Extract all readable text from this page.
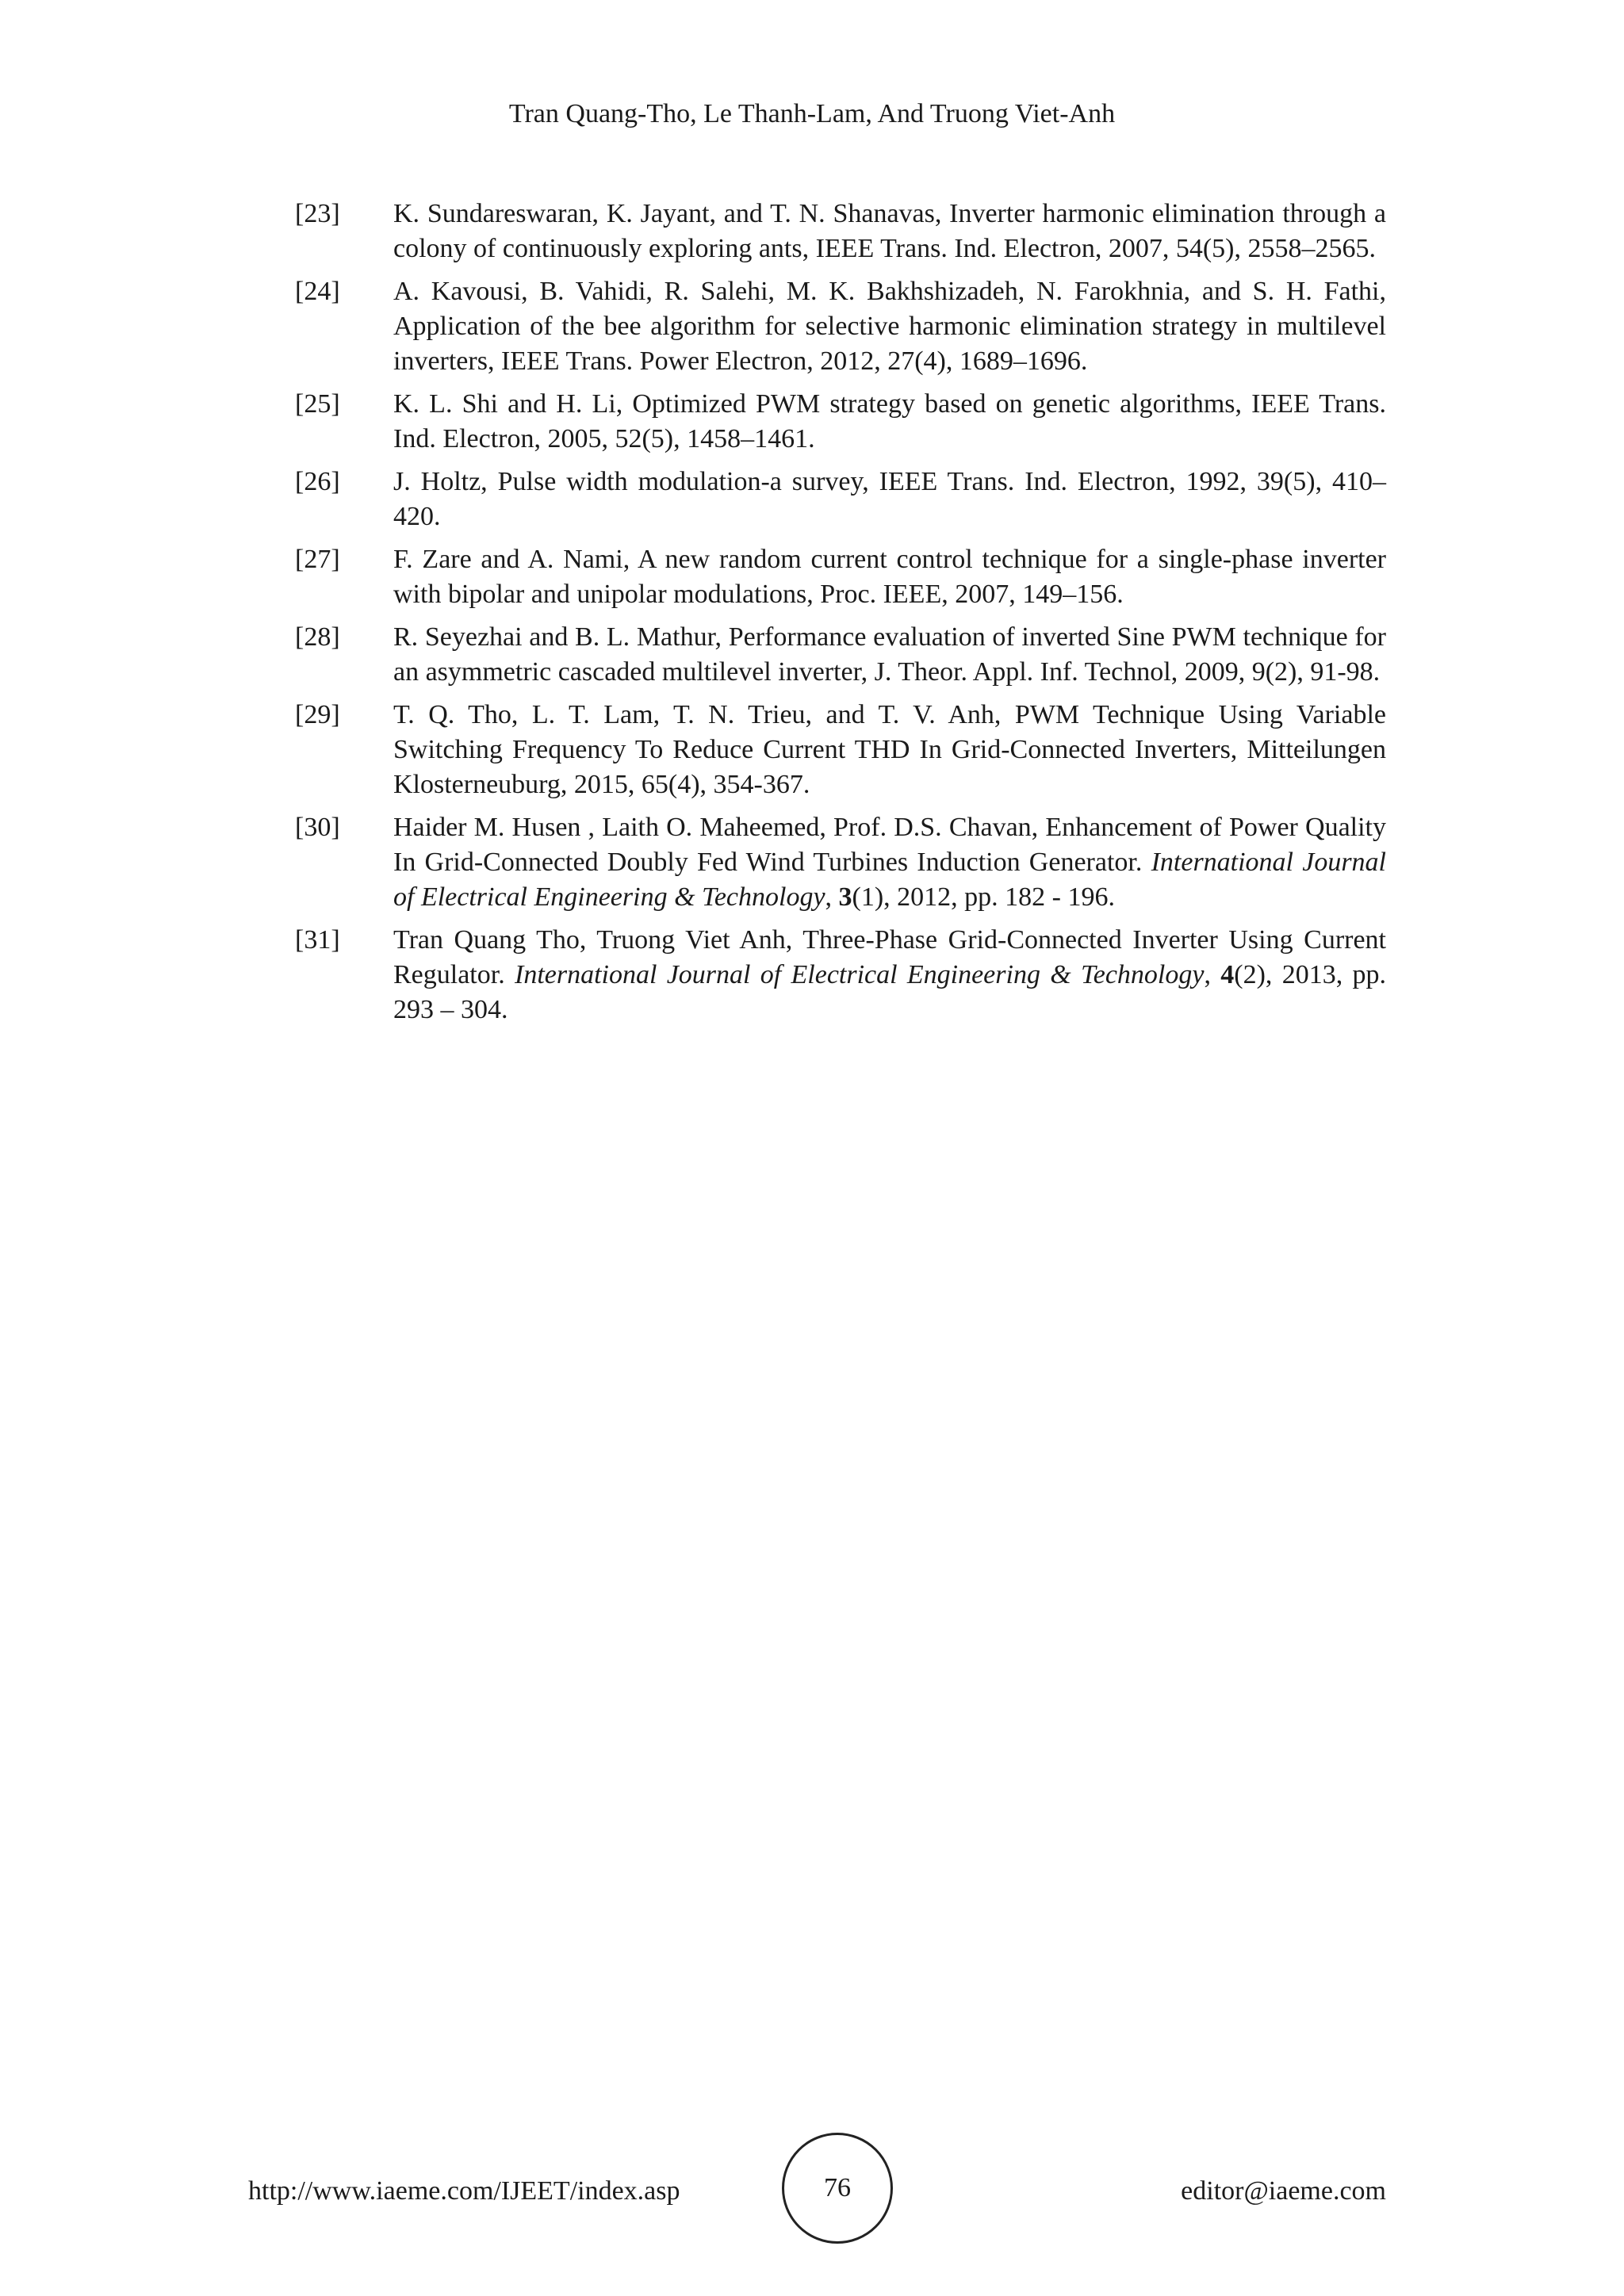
Tran Quang-Tho, Le Thanh-Lam, And Truong Viet-Anh
[23]	K. Sundareswaran, K. Jayant, and T. N. Shanavas, Inverter harmonic elimination through a colony of continuously exploring ants, IEEE Trans. Ind. Electron, 2007, 54(5), 2558–2565.
[24]	A. Kavousi, B. Vahidi, R. Salehi, M. K. Bakhshizadeh, N. Farokhnia, and S. H. Fathi, Application of the bee algorithm for selective harmonic elimination strategy in multilevel inverters, IEEE Trans. Power Electron, 2012, 27(4), 1689–1696.
[25]	K. L. Shi and H. Li, Optimized PWM strategy based on genetic algorithms, IEEE Trans. Ind. Electron, 2005, 52(5), 1458–1461.
[26]	J. Holtz, Pulse width modulation-a survey, IEEE Trans. Ind. Electron, 1992, 39(5), 410–420.
[27]	F. Zare and A. Nami, A new random current control technique for a single-phase inverter with bipolar and unipolar modulations, Proc. IEEE, 2007, 149–156.
[28]	R. Seyezhai and B. L. Mathur, Performance evaluation of inverted Sine PWM technique for an asymmetric cascaded multilevel inverter, J. Theor. Appl. Inf. Technol, 2009, 9(2), 91-98.
[29]	T. Q. Tho, L. T. Lam, T. N. Trieu, and T. V. Anh, PWM Technique Using Variable Switching Frequency To Reduce Current THD In Grid-Connected Inverters, Mitteilungen Klosterneuburg, 2015, 65(4), 354-367.
[30]	Haider M. Husen , Laith O. Maheemed, Prof. D.S. Chavan, Enhancement of Power Quality In Grid-Connected Doubly Fed Wind Turbines Induction Generator. International Journal of Electrical Engineering & Technology, 3(1), 2012, pp. 182 - 196.
[31]	Tran Quang Tho, Truong Viet Anh, Three-Phase Grid-Connected Inverter Using Current Regulator. International Journal of Electrical Engineering & Technology, 4(2), 2013, pp. 293 – 304.
http://www.iaeme.com/IJEET/index.asp	76	editor@iaeme.com
